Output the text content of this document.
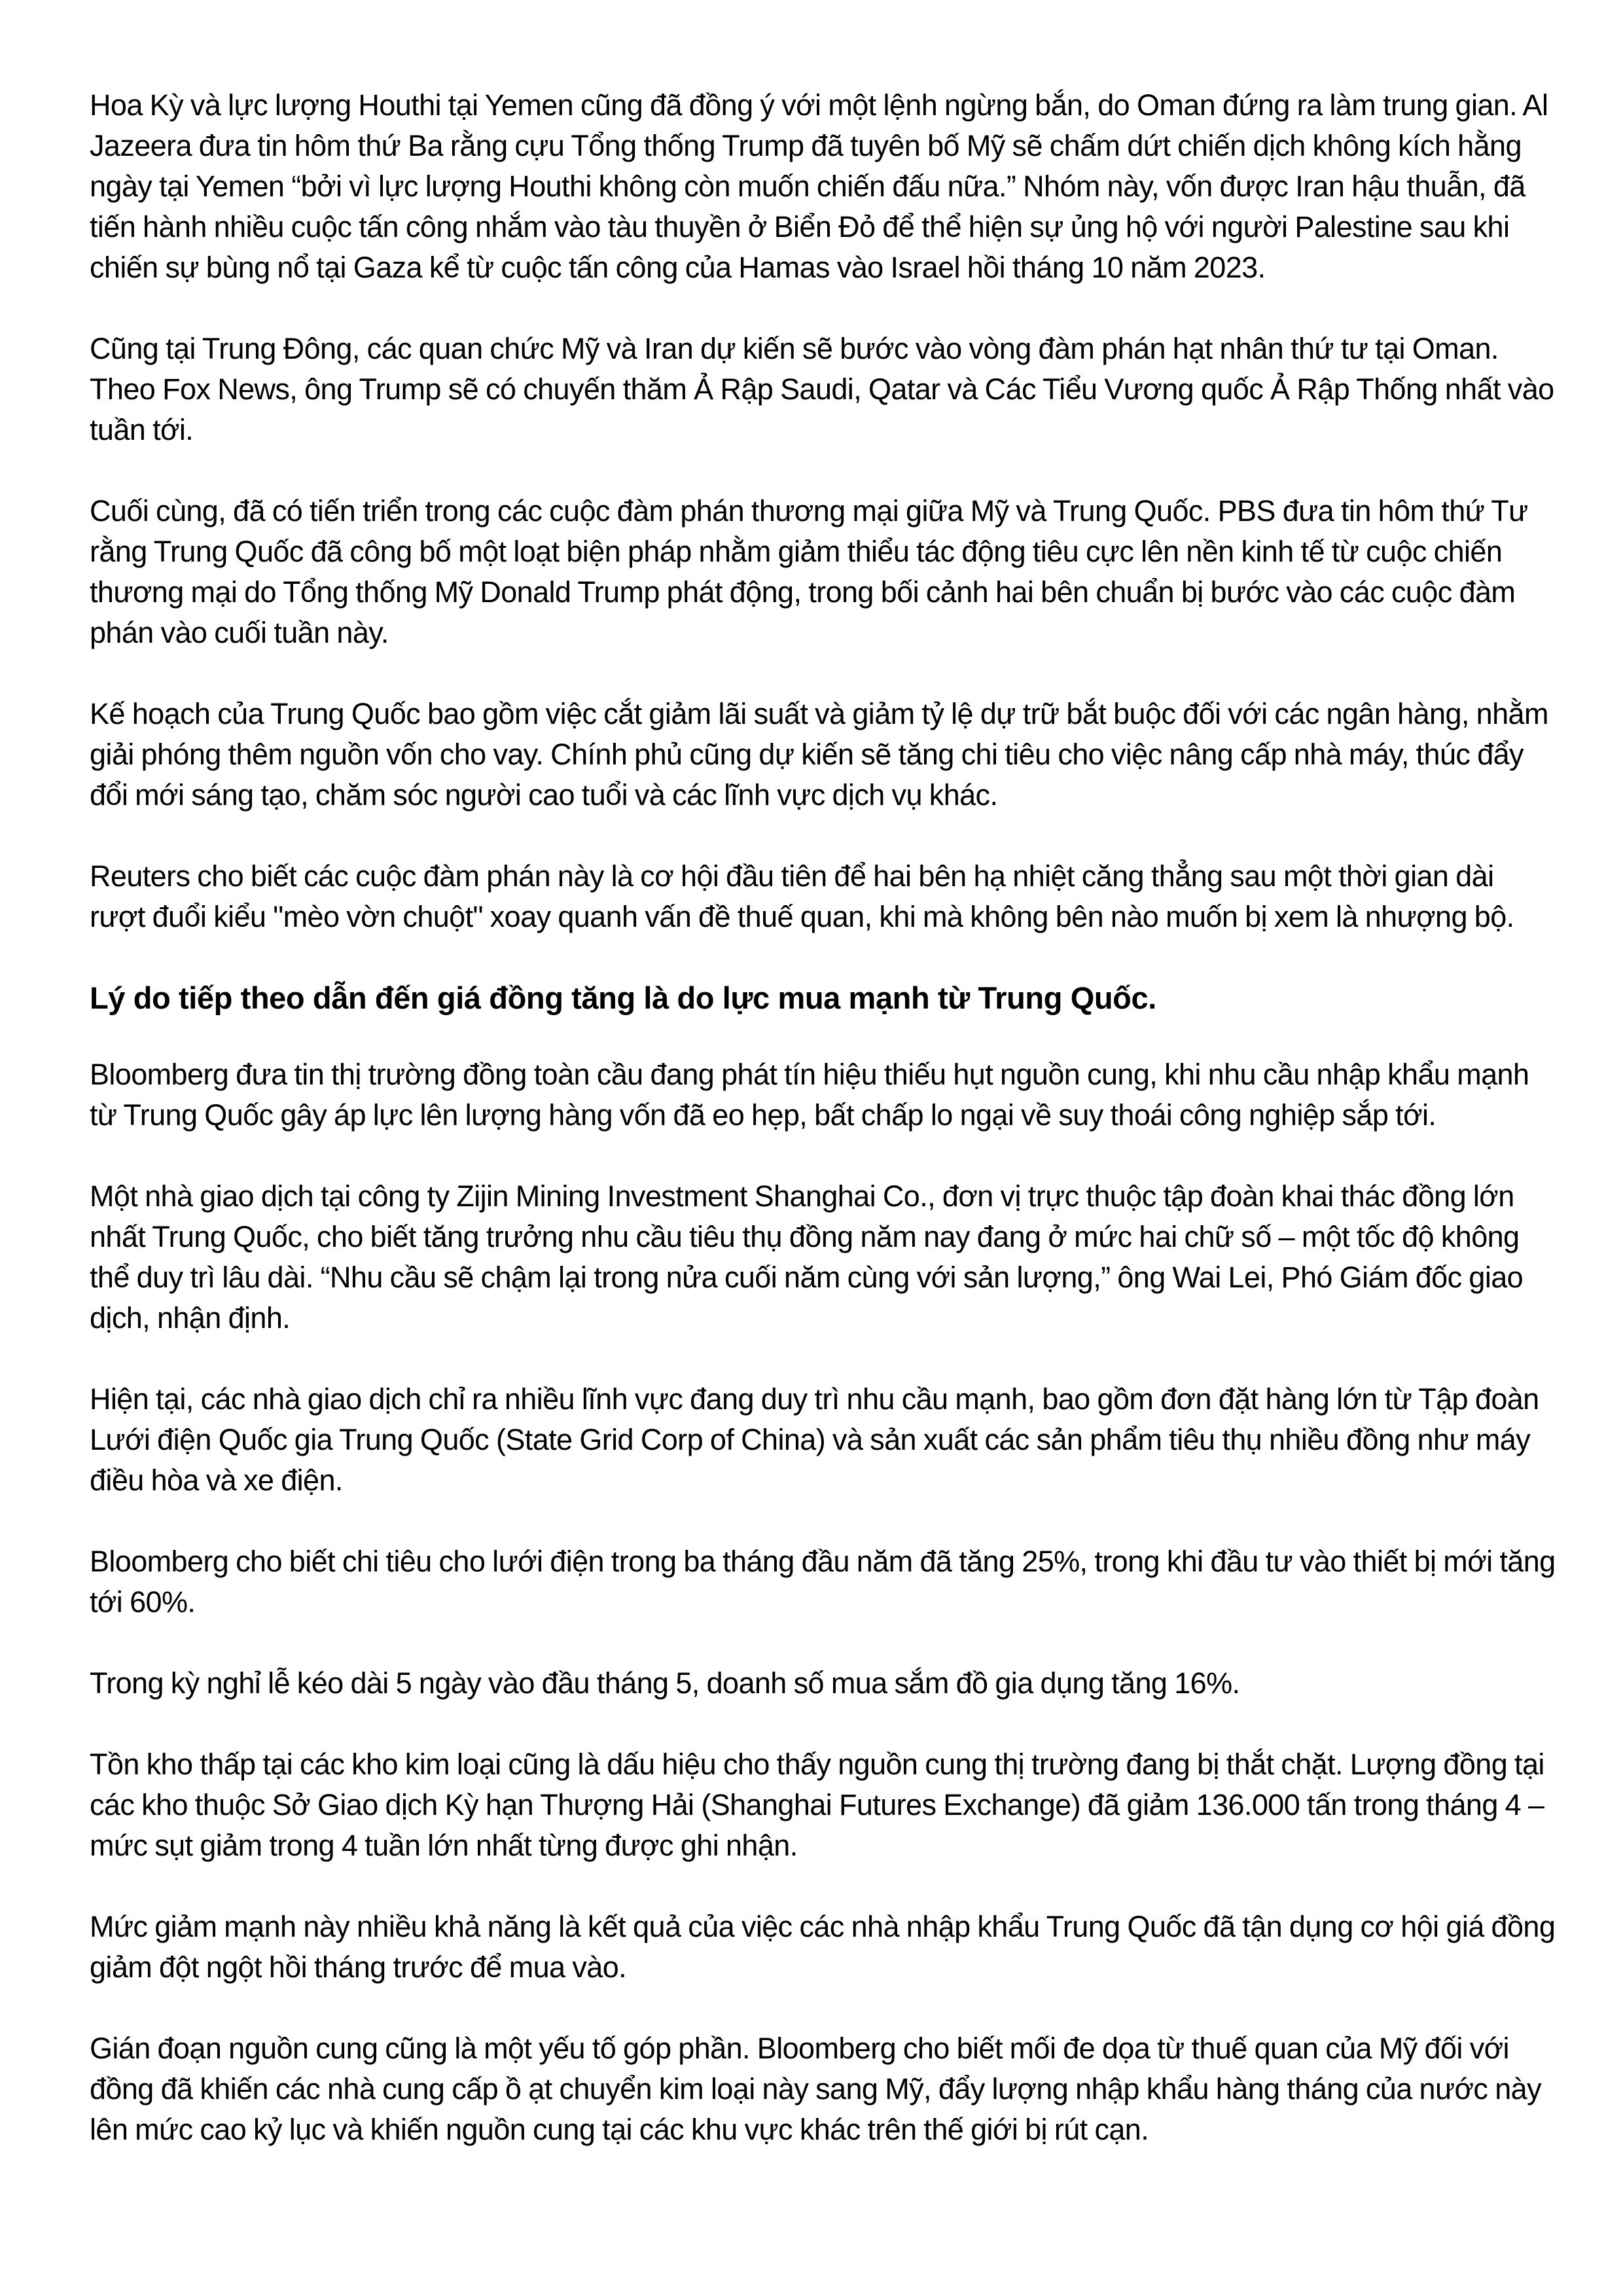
Hoa Kỳ và lực lượng Houthi tại Yemen cũng đã đồng ý với một lệnh ngừng bắn, do Oman đứng ra làm trung gian. Al Jazeera đưa tin hôm thứ Ba rằng cựu Tổng thống Trump đã tuyên bố Mỹ sẽ chấm dứt chiến dịch không kích hằng ngày tại Yemen “bởi vì lực lượng Houthi không còn muốn chiến đấu nữa.” Nhóm này, vốn được Iran hậu thuẫn, đã tiến hành nhiều cuộc tấn công nhắm vào tàu thuyền ở Biển Đỏ để thể hiện sự ủng hộ với người Palestine sau khi chiến sự bùng nổ tại Gaza kể từ cuộc tấn công của Hamas vào Israel hồi tháng 10 năm 2023.

Cũng tại Trung Đông, các quan chức Mỹ và Iran dự kiến sẽ bước vào vòng đàm phán hạt nhân thứ tư tại Oman. Theo Fox News, ông Trump sẽ có chuyến thăm Ả Rập Saudi, Qatar và Các Tiểu Vương quốc Ả Rập Thống nhất vào tuần tới.

Cuối cùng, đã có tiến triển trong các cuộc đàm phán thương mại giữa Mỹ và Trung Quốc. PBS đưa tin hôm thứ Tư rằng Trung Quốc đã công bố một loạt biện pháp nhằm giảm thiểu tác động tiêu cực lên nền kinh tế từ cuộc chiến thương mại do Tổng thống Mỹ Donald Trump phát động, trong bối cảnh hai bên chuẩn bị bước vào các cuộc đàm phán vào cuối tuần này.

Kế hoạch của Trung Quốc bao gồm việc cắt giảm lãi suất và giảm tỷ lệ dự trữ bắt buộc đối với các ngân hàng, nhằm giải phóng thêm nguồn vốn cho vay. Chính phủ cũng dự kiến sẽ tăng chi tiêu cho việc nâng cấp nhà máy, thúc đẩy đổi mới sáng tạo, chăm sóc người cao tuổi và các lĩnh vực dịch vụ khác.

Reuters cho biết các cuộc đàm phán này là cơ hội đầu tiên để hai bên hạ nhiệt căng thẳng sau một thời gian dài rượt đuổi kiểu "mèo vờn chuột" xoay quanh vấn đề thuế quan, khi mà không bên nào muốn bị xem là nhượng bộ.

Lý do tiếp theo dẫn đến giá đồng tăng là do lực mua mạnh từ Trung Quốc.

Bloomberg đưa tin thị trường đồng toàn cầu đang phát tín hiệu thiếu hụt nguồn cung, khi nhu cầu nhập khẩu mạnh từ Trung Quốc gây áp lực lên lượng hàng vốn đã eo hẹp, bất chấp lo ngại về suy thoái công nghiệp sắp tới.

Một nhà giao dịch tại công ty Zijin Mining Investment Shanghai Co., đơn vị trực thuộc tập đoàn khai thác đồng lớn nhất Trung Quốc, cho biết tăng trưởng nhu cầu tiêu thụ đồng năm nay đang ở mức hai chữ số – một tốc độ không thể duy trì lâu dài. “Nhu cầu sẽ chậm lại trong nửa cuối năm cùng với sản lượng,” ông Wai Lei, Phó Giám đốc giao dịch, nhận định.

Hiện tại, các nhà giao dịch chỉ ra nhiều lĩnh vực đang duy trì nhu cầu mạnh, bao gồm đơn đặt hàng lớn từ Tập đoàn Lưới điện Quốc gia Trung Quốc (State Grid Corp of China) và sản xuất các sản phẩm tiêu thụ nhiều đồng như máy điều hòa và xe điện.

Bloomberg cho biết chi tiêu cho lưới điện trong ba tháng đầu năm đã tăng 25%, trong khi đầu tư vào thiết bị mới tăng tới 60%.

Trong kỳ nghỉ lễ kéo dài 5 ngày vào đầu tháng 5, doanh số mua sắm đồ gia dụng tăng 16%.

Tồn kho thấp tại các kho kim loại cũng là dấu hiệu cho thấy nguồn cung thị trường đang bị thắt chặt. Lượng đồng tại các kho thuộc Sở Giao dịch Kỳ hạn Thượng Hải (Shanghai Futures Exchange) đã giảm 136.000 tấn trong tháng 4 – mức sụt giảm trong 4 tuần lớn nhất từng được ghi nhận.

Mức giảm mạnh này nhiều khả năng là kết quả của việc các nhà nhập khẩu Trung Quốc đã tận dụng cơ hội giá đồng giảm đột ngột hồi tháng trước để mua vào.

Gián đoạn nguồn cung cũng là một yếu tố góp phần. Bloomberg cho biết mối đe dọa từ thuế quan của Mỹ đối với đồng đã khiến các nhà cung cấp ồ ạt chuyển kim loại này sang Mỹ, đẩy lượng nhập khẩu hàng tháng của nước này lên mức cao kỷ lục và khiến nguồn cung tại các khu vực khác trên thế giới bị rút cạn.
